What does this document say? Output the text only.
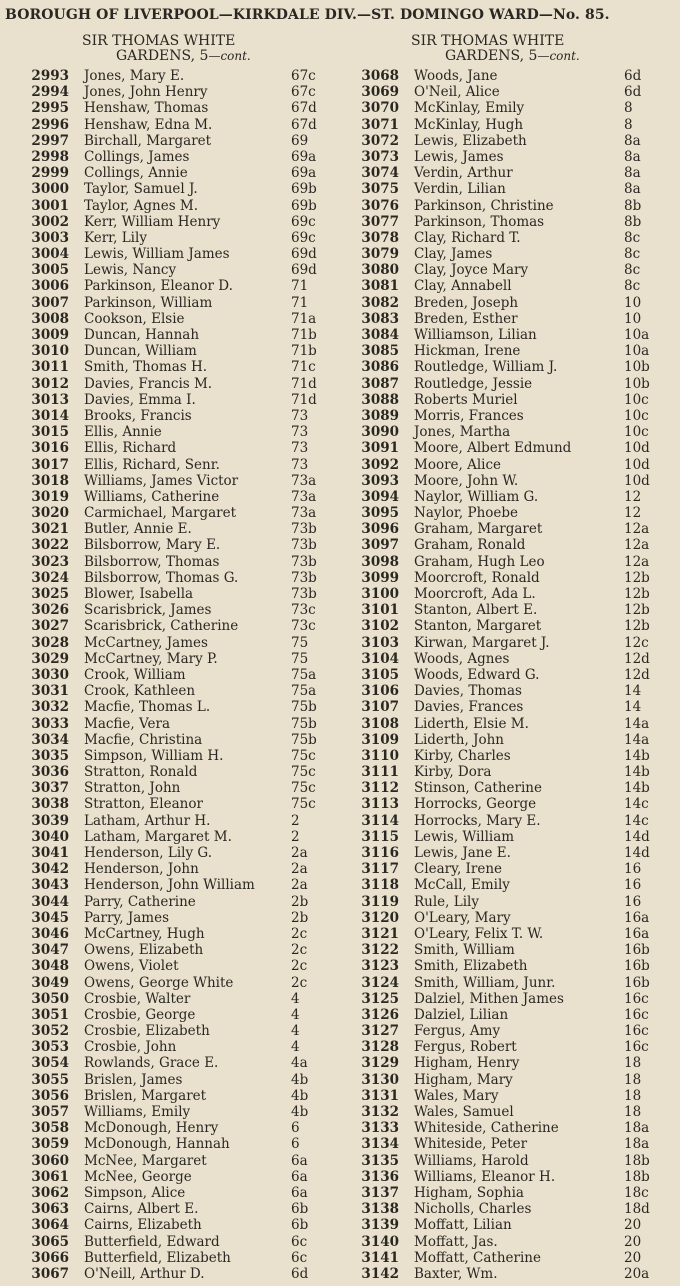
BOROUGH OF LIVERPOOL—KIRKDALE DIV.—ST. DOMINGO WARD—No. 85.
SIR THOMAS WHITE
GARDENS, 5—cont.
SIR THOMAS WHITE
GARDENS, 5—cont.
2993 Jones, Mary E.	67c
2994 Jones, John Henry	67c
2995 Henshaw, Thomas	67d
2996 Henshaw, Edna M.	67d
2997 Birchall, Margaret	69
2998 Collings, James	69a
2999 Collings, Annie	69a
3000 Taylor, Samuel J.	69b
3001 Taylor, Agnes M.	69b
3002 Kerr, William Henry	69c
3003 Kerr, Lily	69c
3004 Lewis, William James	69d
3005 Lewis, Nancy	69d
3006 Parkinson, Eleanor D.	71
3007 Parkinson, William	71
3008 Cookson, Elsie	71a
3009 Duncan, Hannah	71b
3010 Duncan, William	71b
3011 Smith, Thomas H.	71c
3012 Davies, Francis M.	71d
3013 Davies, Emma I.	71d
3014 Brooks, Francis	73
3015 Ellis, Annie	73
3016 Ellis, Richard	73
3017 Ellis, Richard, Senr.	73
3018 Williams, James Victor	73a
3019 Williams, Catherine	73a
3020 Carmichael, Margaret	73a
3021 Butler, Annie E.	73b
3022 Bilsborrow, Mary E.	73b
3023 Bilsborrow, Thomas	73b
3024 Bilsborrow, Thomas G.	73b
3025 Blower, Isabella	73b
3026 Scarisbrick, James	73c
3027 Scarisbrick, Catherine	73c
3028 McCartney, James	75
3029 McCartney, Mary P.	75
3030 Crook, William	75a
3031 Crook, Kathleen	75a
3032 Macfie, Thomas L.	75b
3033 Macfie, Vera	75b
3034 Macfie, Christina	75b
3035 Simpson, William H.	75c
3036 Stratton, Ronald	75c
3037 Stratton, John	75c
3038 Stratton, Eleanor	75c
3039 Latham, Arthur H.	2
3040 Latham, Margaret M.	2
3041 Henderson, Lily G.	2a
3042 Henderson, John	2a
3043 Henderson, John William	2a
3044 Parry, Catherine	2b
3045 Parry, James	2b
3046 McCartney, Hugh	2c
3047 Owens, Elizabeth	2c
3048 Owens, Violet	2c
3049 Owens, George White	2c
3050 Crosbie, Walter	4
3051 Crosbie, George	4
3052 Crosbie, Elizabeth	4
3053 Crosbie, John	4
3054 Rowlands, Grace E.	4a
3055 Brislen, James	4b
3056 Brislen, Margaret	4b
3057 Williams, Emily	4b
3058 McDonough, Henry	6
3059 McDonough, Hannah	6
3060 McNee, Margaret	6a
3061 McNee, George	6a
3062 Simpson, Alice	6a
3063 Cairns, Albert E.	6b
3064 Cairns, Elizabeth	6b
3065 Butterfield, Edward	6c
3066 Butterfield, Elizabeth	6c
3067 O'Neill, Arthur D.	6d
3068 Woods, Jane	6d
3069 O'Neil, Alice	6d
3070 McKinlay, Emily	8
3071 McKinlay, Hugh	8
3072 Lewis, Elizabeth	8a
3073 Lewis, James	8a
3074 Verdin, Arthur	8a
3075 Verdin, Lilian	8a
3076 Parkinson, Christine	8b
3077 Parkinson, Thomas	8b
3078 Clay, Richard T.	8c
3079 Clay, James	8c
3080 Clay, Joyce Mary	8c
3081 Clay, Annabell	8c
3082 Breden, Joseph	10
3083 Breden, Esther	10
3084 Williamson, Lilian	10a
3085 Hickman, Irene	10a
3086 Routledge, William J.	10b
3087 Routledge, Jessie	10b
3088 Roberts Muriel	10c
3089 Morris, Frances	10c
3090 Jones, Martha	10c
3091 Moore, Albert Edmund	10d
3092 Moore, Alice	10d
3093 Moore, John W.	10d
3094 Naylor, William G.	12
3095 Naylor, Phoebe	12
3096 Graham, Margaret	12a
3097 Graham, Ronald	12a
3098 Graham, Hugh Leo	12a
3099 Moorcroft, Ronald	12b
3100 Moorcroft, Ada L.	12b
3101 Stanton, Albert E.	12b
3102 Stanton, Margaret	12b
3103 Kirwan, Margaret J.	12c
3104 Woods, Agnes	12d
3105 Woods, Edward G.	12d
3106 Davies, Thomas	14
3107 Davies, Frances	14
3108 Liderth, Elsie M.	14a
3109 Liderth, John	14a
3110 Kirby, Charles	14b
3111 Kirby, Dora	14b
3112 Stinson, Catherine	14b
3113 Horrocks, George	14c
3114 Horrocks, Mary E.	14c
3115 Lewis, William	14d
3116 Lewis, Jane E.	14d
3117 Cleary, Irene	16
3118 McCall, Emily	16
3119 Rule, Lily	16
3120 O'Leary, Mary	16a
3121 O'Leary, Felix T. W.	16a
3122 Smith, William	16b
3123 Smith, Elizabeth	16b
3124 Smith, William, Junr.	16b
3125 Dalziel, Mithen James	16c
3126 Dalziel, Lilian	16c
3127 Fergus, Amy	16c
3128 Fergus, Robert	16c
3129 Higham, Henry	18
3130 Higham, Mary	18
3131 Wales, Mary	18
3132 Wales, Samuel	18
3133 Whiteside, Catherine	18a
3134 Whiteside, Peter	18a
3135 Williams, Harold	18b
3136 Williams, Eleanor H.	18b
3137 Higham, Sophia	18c
3138 Nicholls, Charles	18d
3139 Moffatt, Lilian	20
3140 Moffatt, Jas.	20
3141 Moffatt, Catherine	20
3142 Baxter, Wm.	20a
